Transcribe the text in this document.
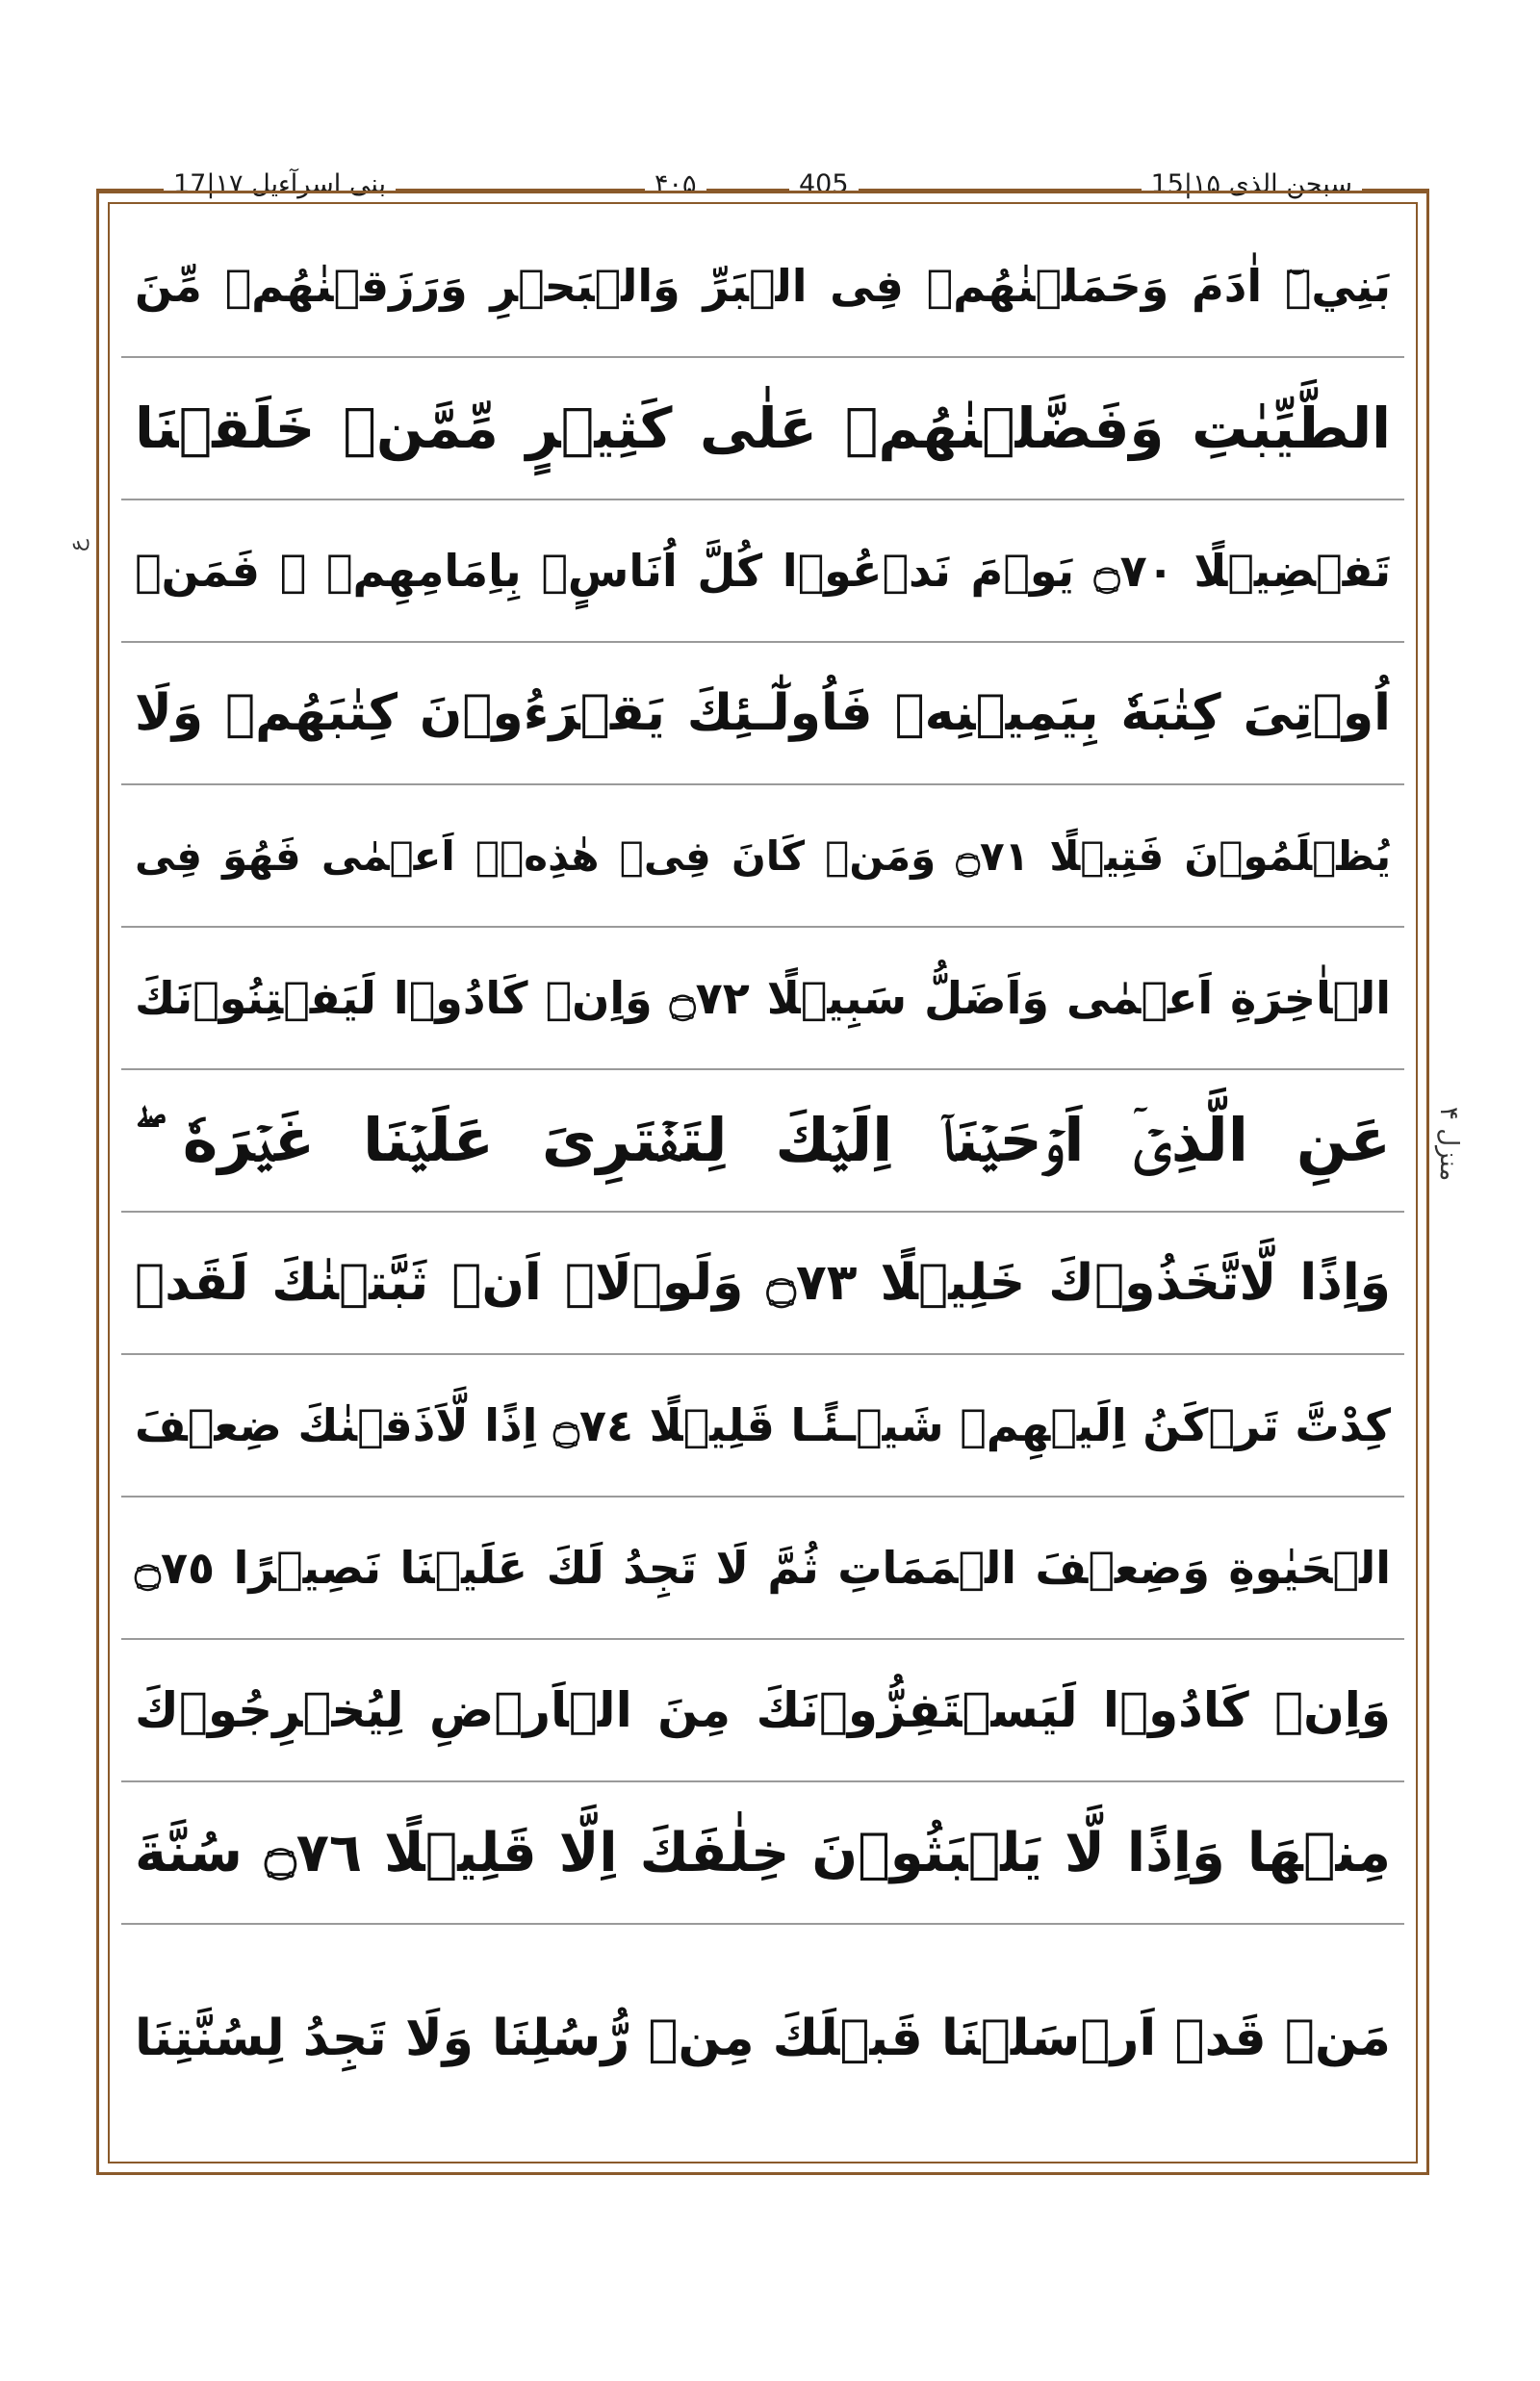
بنی اسرآءیل ۱۷|17	۴۰۵	405	سبحن الذی ۱۵|15
ع
منزل ۴
بَنِيۡٓ اٰدَمَ وَحَمَلۡنٰهُمۡ فِى الۡبَرِّ وَالۡبَحۡرِ وَرَزَقۡنٰهُمۡ مِّنَ
الطَّيِّبٰتِ وَفَضَّلۡنٰهُمۡ عَلٰى كَثِيۡرٍ مِّمَّنۡ خَلَقۡنَا
تَفۡضِيۡلًا ۝٧٠ يَوۡمَ نَدۡعُوۡا كُلَّ اُنَاسٍۭ بِاِمَامِهِمۡ‌ ۚ فَمَنۡ
اُوۡتِىَ كِتٰبَهٗ بِيَمِيۡنِهٖ فَاُولٰٓـئِكَ يَقۡرَءُوۡنَ كِتٰبَهُمۡ وَلَا
يُظۡلَمُوۡنَ فَتِيۡلًا ۝٧١ وَمَنۡ كَانَ فِىۡ هٰذِهٖۤ اَعۡمٰى فَهُوَ فِى
الۡاٰخِرَةِ اَعۡمٰى وَاَضَلُّ سَبِيۡلًا ۝٧٢ وَاِنۡ كَادُوۡا لَيَفۡتِنُوۡنَكَ
عَنِ الَّذِىۡۤ اَوۡحَيۡنَاۤ اِلَيۡكَ لِتَفۡتَرِىَ عَلَيۡنَا غَيۡرَهٗ‌ ‌ۖ
وَاِذًا لَّاتَّخَذُوۡكَ خَلِيۡلًا ۝٧٣ وَلَوۡلَاۤ اَنۡ ثَبَّتۡنٰكَ لَقَدۡ
كِدْتَّ تَرۡكَنُ اِلَيۡهِمۡ شَيۡـئًـا قَلِيۡلًا ۝٧٤ اِذًا لَّاَذَقۡنٰكَ ضِعۡفَ
الۡحَيٰوةِ وَضِعۡفَ الۡمَمَاتِ ثُمَّ لَا تَجِدُ لَكَ عَلَيۡنَا نَصِيۡرًا ۝٧٥
وَاِنۡ كَادُوۡا لَيَسۡتَفِزُّوۡنَكَ مِنَ الۡاَرۡضِ لِيُخۡرِجُوۡكَ
مِنۡهَا‌ وَاِذًا لَّا يَلۡبَثُوۡنَ خِلٰفَكَ اِلَّا قَلِيۡلًا ۝٧٦ سُنَّةَ
مَنۡ قَدۡ اَرۡسَلۡنَا قَبۡلَكَ مِنۡ رُّسُلِنَا‌ وَلَا تَجِدُ لِسُنَّتِنَا
